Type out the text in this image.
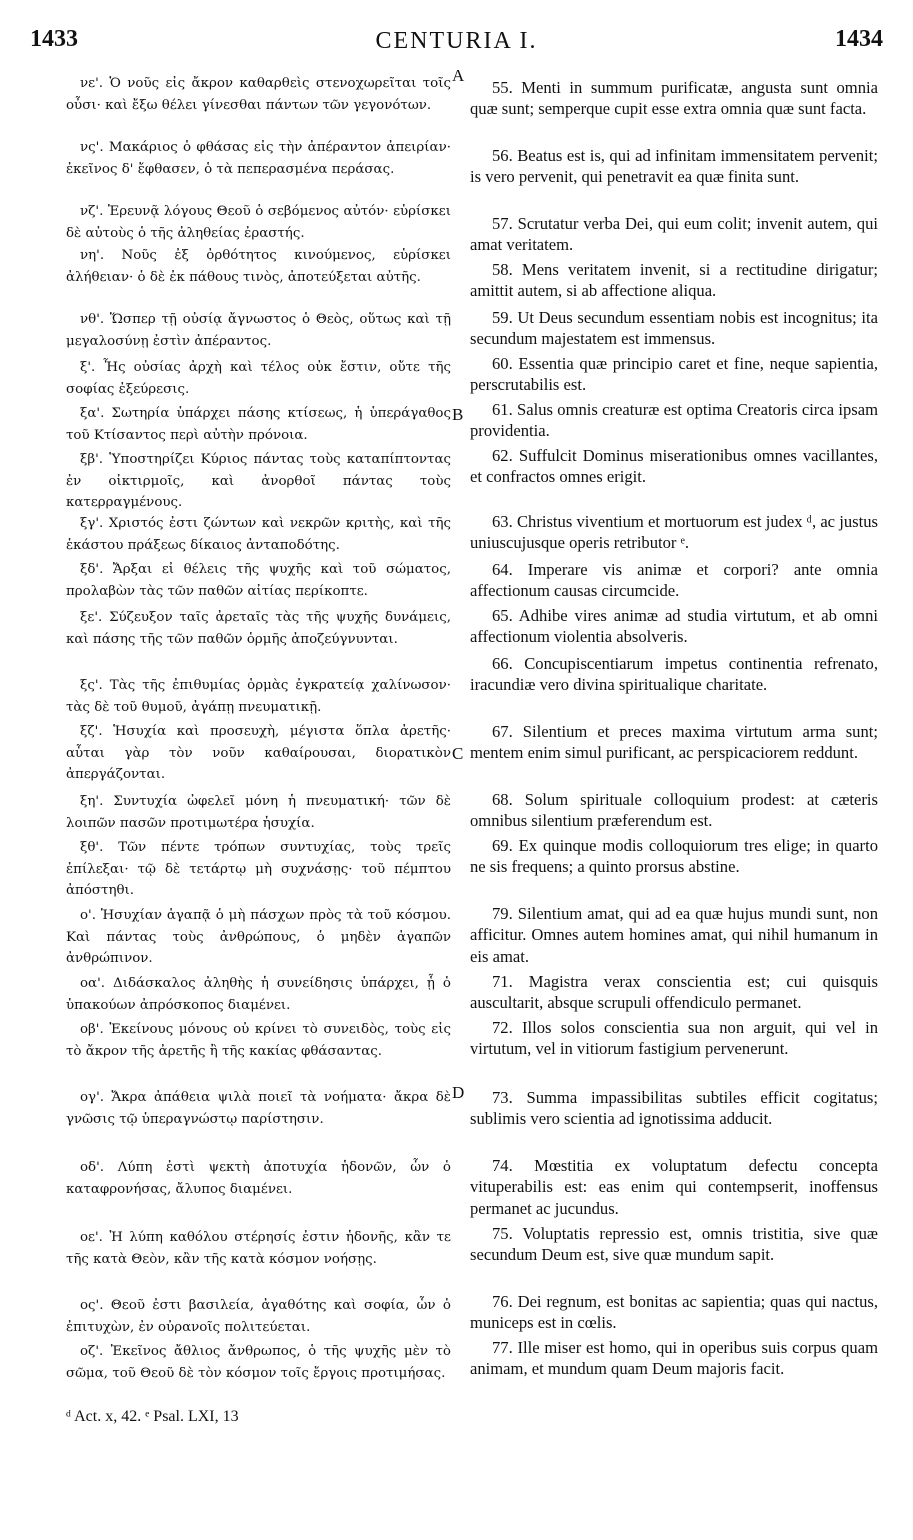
1433	CENTURIA I.	1434

νε'. Ὁ νοῦς εἰς ἄκρον καθαρθεὶς στενοχωρεῖται τοῖς οὖσι· καὶ ἔξω θέλει γίνεσθαι πάντων τῶν γεγονότων.

νς'. Μακάριος ὁ φθάσας εἰς τὴν ἀπέραντον ἀπειρίαν· ἐκεῖνος δ' ἔφθασεν, ὁ τὰ πεπερασμένα περάσας.

νζ'. Ἐρευνᾷ λόγους Θεοῦ ὁ σεβόμενος αὐτόν· εὑρίσκει δὲ αὐτοὺς ὁ τῆς ἀληθείας ἐραστής.

νη'. Νοῦς ἐξ ὀρθότητος κινούμενος, εὑρίσκει ἀλήθειαν· ὁ δὲ ἐκ πάθους τινὸς, ἀποτεύξεται αὐτῆς.

νθ'. Ὥσπερ τῇ οὐσίᾳ ἄγνωστος ὁ Θεὸς, οὕτως καὶ τῇ μεγαλοσύνῃ ἐστὶν ἀπέραντος.

ξ'. Ἧς οὐσίας ἀρχὴ καὶ τέλος οὐκ ἔστιν, οὔτε τῆς σοφίας ἐξεύρεσις.

ξα'. Σωτηρία ὑπάρχει πάσης κτίσεως, ἡ ὑπεράγαθος τοῦ Κτίσαντος περὶ αὐτὴν πρόνοια.

ξβ'. Ὑποστηρίζει Κύριος πάντας τοὺς καταπίπτοντας ἐν οἰκτιρμοῖς, καὶ ἀνορθοῖ πάντας τοὺς κατερραγμένους.

ξγ'. Χριστός ἐστι ζώντων καὶ νεκρῶν κριτὴς, καὶ τῆς ἑκάστου πράξεως δίκαιος ἀνταποδότης.

ξδ'. Ἄρξαι εἰ θέλεις τῆς ψυχῆς καὶ τοῦ σώματος, προλαβὼν τὰς τῶν παθῶν αἰτίας περίκοπτε.

ξε'. Σύζευξον ταῖς ἀρεταῖς τὰς τῆς ψυχῆς δυνάμεις, καὶ πάσης τῆς τῶν παθῶν ὁρμῆς ἀποζεύγνυνται.

ξς'. Τὰς τῆς ἐπιθυμίας ὁρμὰς ἐγκρατείᾳ χαλίνωσον· τὰς δὲ τοῦ θυμοῦ, ἀγάπῃ πνευματικῇ.

ξζ'. Ἡσυχία καὶ προσευχὴ, μέγιστα ὅπλα ἀρετῆς· αὗται γὰρ τὸν νοῦν καθαίρουσαι, διορατικὸν ἀπεργάζονται.

ξη'. Συντυχία ὠφελεῖ μόνη ἡ πνευματική· τῶν δὲ λοιπῶν πασῶν προτιμωτέρα ἡσυχία.

ξθ'. Τῶν πέντε τρόπων συντυχίας, τοὺς τρεῖς ἐπίλεξαι· τῷ δὲ τετάρτῳ μὴ συχνάσῃς· τοῦ πέμπτου ἀπόστηθι.

ο'. Ἡσυχίαν ἀγαπᾷ ὁ μὴ πάσχων πρὸς τὰ τοῦ κόσμου. Καὶ πάντας τοὺς ἀνθρώπους, ὁ μηδὲν ἀγαπῶν ἀνθρώπινον.

οα'. Διδάσκαλος ἀληθὴς ἡ συνείδησις ὑπάρχει, ᾗ ὁ ὑπακούων ἀπρόσκοπος διαμένει.

οβ'. Ἐκείνους μόνους οὐ κρίνει τὸ συνειδὸς, τοὺς εἰς τὸ ἄκρον τῆς ἀρετῆς ἢ τῆς κακίας φθάσαντας.

ογ'. Ἄκρα ἀπάθεια ψιλὰ ποιεῖ τὰ νοήματα· ἄκρα δὲ γνῶσις τῷ ὑπεραγνώστῳ παρίστησιν.

οδ'. Λύπη ἐστὶ ψεκτὴ ἀποτυχία ἡδονῶν, ὧν ὁ καταφρονήσας, ἄλυπος διαμένει.

οε'. Ἡ λύπη καθόλου στέρησίς ἐστιν ἡδονῆς, κἂν τε τῆς κατὰ Θεὸν, κἂν τῆς κατὰ κόσμον νοήσῃς.

ος'. Θεοῦ ἐστι βασιλεία, ἀγαθότης καὶ σοφία, ὧν ὁ ἐπιτυχὼν, ἐν οὐρανοῖς πολιτεύεται.

οζ'. Ἐκεῖνος ἄθλιος ἄνθρωπος, ὁ τῆς ψυχῆς μὲν τὸ σῶμα, τοῦ Θεοῦ δὲ τὸν κόσμον τοῖς ἔργοις προτιμήσας.

A
B
C
D

55. Menti in summum purificatæ, angusta sunt omnia quæ sunt; semperque cupit esse extra omnia quæ sunt facta.

56. Beatus est is, qui ad infinitam immensitatem pervenit; is vero pervenit, qui penetravit ea quæ finita sunt.

57. Scrutatur verba Dei, qui eum colit; invenit autem, qui amat veritatem.

58. Mens veritatem invenit, si a rectitudine dirigatur; amittit autem, si ab affectione aliqua.

59. Ut Deus secundum essentiam nobis est incognitus; ita secundum majestatem est immensus.

60. Essentia quæ principio caret et fine, neque sapientia, perscrutabilis est.

61. Salus omnis creaturæ est optima Creatoris circa ipsam providentia.

62. Suffulcit Dominus miserationibus omnes vacillantes, et confractos omnes erigit.

63. Christus viventium et mortuorum est judex ᵈ, ac justus uniuscujusque operis retributor ᵉ.

64. Imperare vis animæ et corpori? ante omnia affectionum causas circumcide.

65. Adhibe vires animæ ad studia virtutum, et ab omni affectionum violentia absolveris.

66. Concupiscentiarum impetus continentia refrenato, iracundiæ vero divina spiritualique charitate.

67. Silentium et preces maxima virtutum arma sunt; mentem enim simul purificant, ac perspicaciorem reddunt.

68. Solum spirituale colloquium prodest: at cæteris omnibus silentium præferendum est.

69. Ex quinque modis colloquiorum tres elige; in quarto ne sis frequens; a quinto prorsus abstine.

79. Silentium amat, qui ad ea quæ hujus mundi sunt, non afficitur. Omnes autem homines amat, qui nihil humanum in eis amat.

71. Magistra verax conscientia est; cui quisquis auscultarit, absque scrupuli offendiculo permanet.

72. Illos solos conscientia sua non arguit, qui vel in virtutum, vel in vitiorum fastigium pervenerunt.

73. Summa impassibilitas subtiles efficit cogitatus; sublimis vero scientia ad ignotissima adducit.

74. Mœstitia ex voluptatum defectu concepta vituperabilis est: eas enim qui contempserit, inoffensus permanet ac jucundus.

75. Voluptatis repressio est, omnis tristitia, sive quæ secundum Deum est, sive quæ mundum sapit.

76. Dei regnum, est bonitas ac sapientia; quas qui nactus, municeps est in cœlis.

77. Ille miser est homo, qui in operibus suis corpus quam animam, et mundum quam Deum majoris facit.

ᵈ Act. x, 42. ᵉ Psal. LXI, 13
